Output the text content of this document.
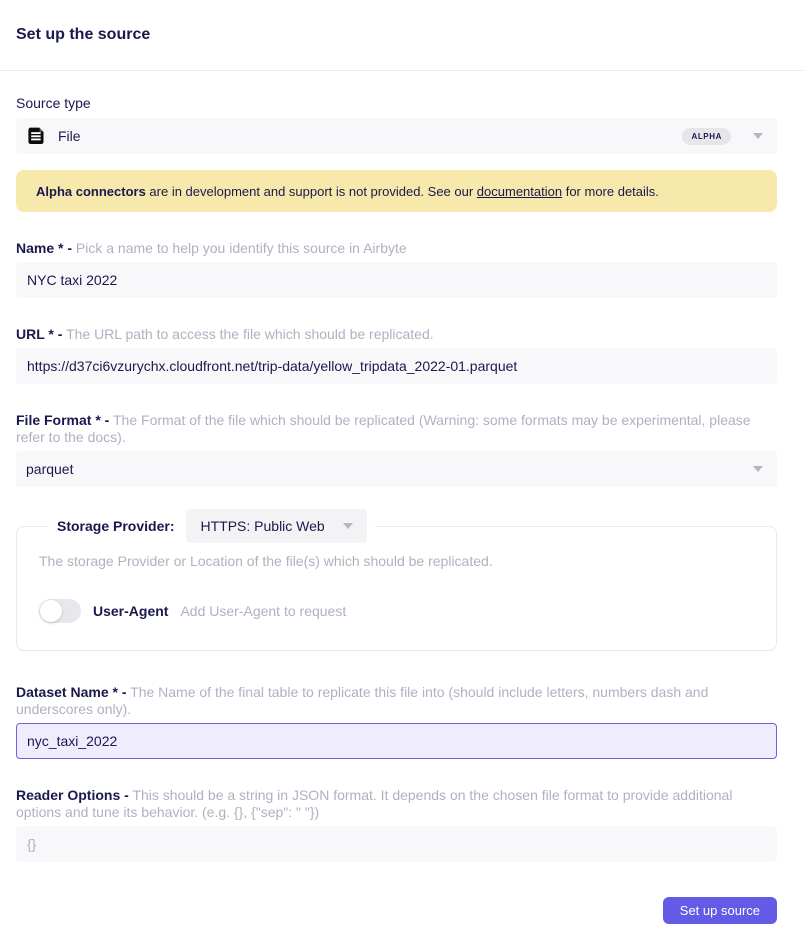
Set up the source
Source type
File	ALPHA
Alpha connectors are in development and support is not provided. See our documentation for more details.
Name * - Pick a name to help you identify this source in Airbyte
NYC taxi 2022
URL * - The URL path to access the file which should be replicated.
https://d37ci6vzurychx.cloudfront.net/trip-data/yellow_tripdata_2022-01.parquet
File Format * - The Format of the file which should be replicated (Warning: some formats may be experimental, please refer to the docs).
parquet
Storage Provider: HTTPS: Public Web
The storage Provider or Location of the file(s) which should be replicated.
User-Agent Add User-Agent to request
Dataset Name * - The Name of the final table to replicate this file into (should include letters, numbers dash and underscores only).
nyc_taxi_2022
Reader Options - This should be a string in JSON format. It depends on the chosen file format to provide additional options and tune its behavior. (e.g. {}, {"sep": " "})
{}
Set up source
